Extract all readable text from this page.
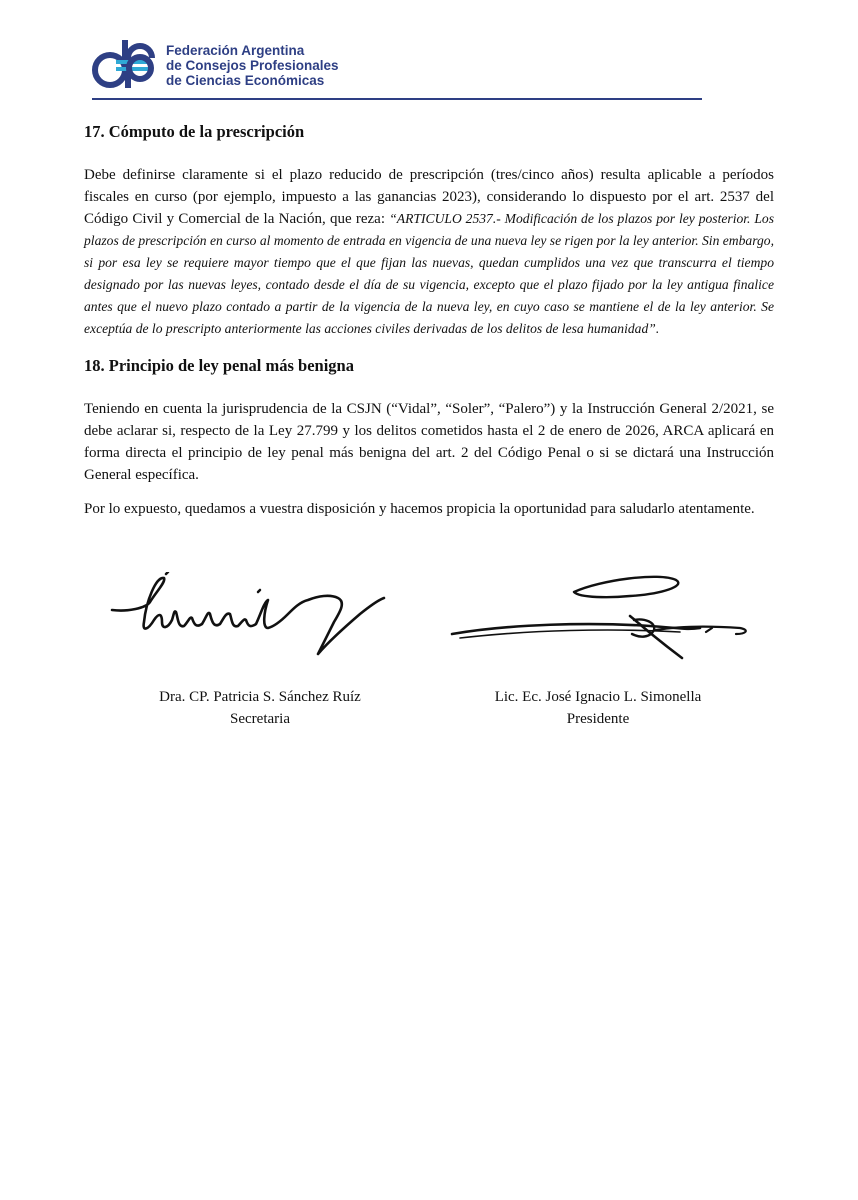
Federación Argentina
de Consejos Profesionales
de Ciencias Económicas
17. Cómputo de la prescripción

Debe definirse claramente si el plazo reducido de prescripción (tres/cinco años) resulta aplicable a períodos fiscales en curso (por ejemplo, impuesto a las ganancias 2023), considerando lo dispuesto por el art. 2537 del Código Civil y Comercial de la Nación, que reza: “ARTICULO 2537.- Modificación de los plazos por ley posterior. Los plazos de prescripción en curso al momento de entrada en vigencia de una nueva ley se rigen por la ley anterior. Sin embargo, si por esa ley se requiere mayor tiempo que el que fijan las nuevas, quedan cumplidos una vez que transcurra el tiempo designado por las nuevas leyes, contado desde el día de su vigencia, excepto que el plazo fijado por la ley antigua finalice antes que el nuevo plazo contado a partir de la vigencia de la nueva ley, en cuyo caso se mantiene el de la ley anterior. Se exceptúa de lo prescripto anteriormente las acciones civiles derivadas de los delitos de lesa humanidad”.

18. Principio de ley penal más benigna

Teniendo en cuenta la jurisprudencia de la CSJN (“Vidal”, “Soler”, “Palero”) y la Instrucción General 2/2021, se debe aclarar si, respecto de la Ley 27.799 y los delitos cometidos hasta el 2 de enero de 2026, ARCA aplicará en forma directa el principio de ley penal más benigna del art. 2 del Código Penal o si se dictará una Instrucción General específica.

Por lo expuesto, quedamos a vuestra disposición y hacemos propicia la oportunidad para saludarlo atentamente.

Dra. CP. Patricia S. Sánchez Ruíz
Secretaria
Lic. Ec. José Ignacio L. Simonella
Presidente
